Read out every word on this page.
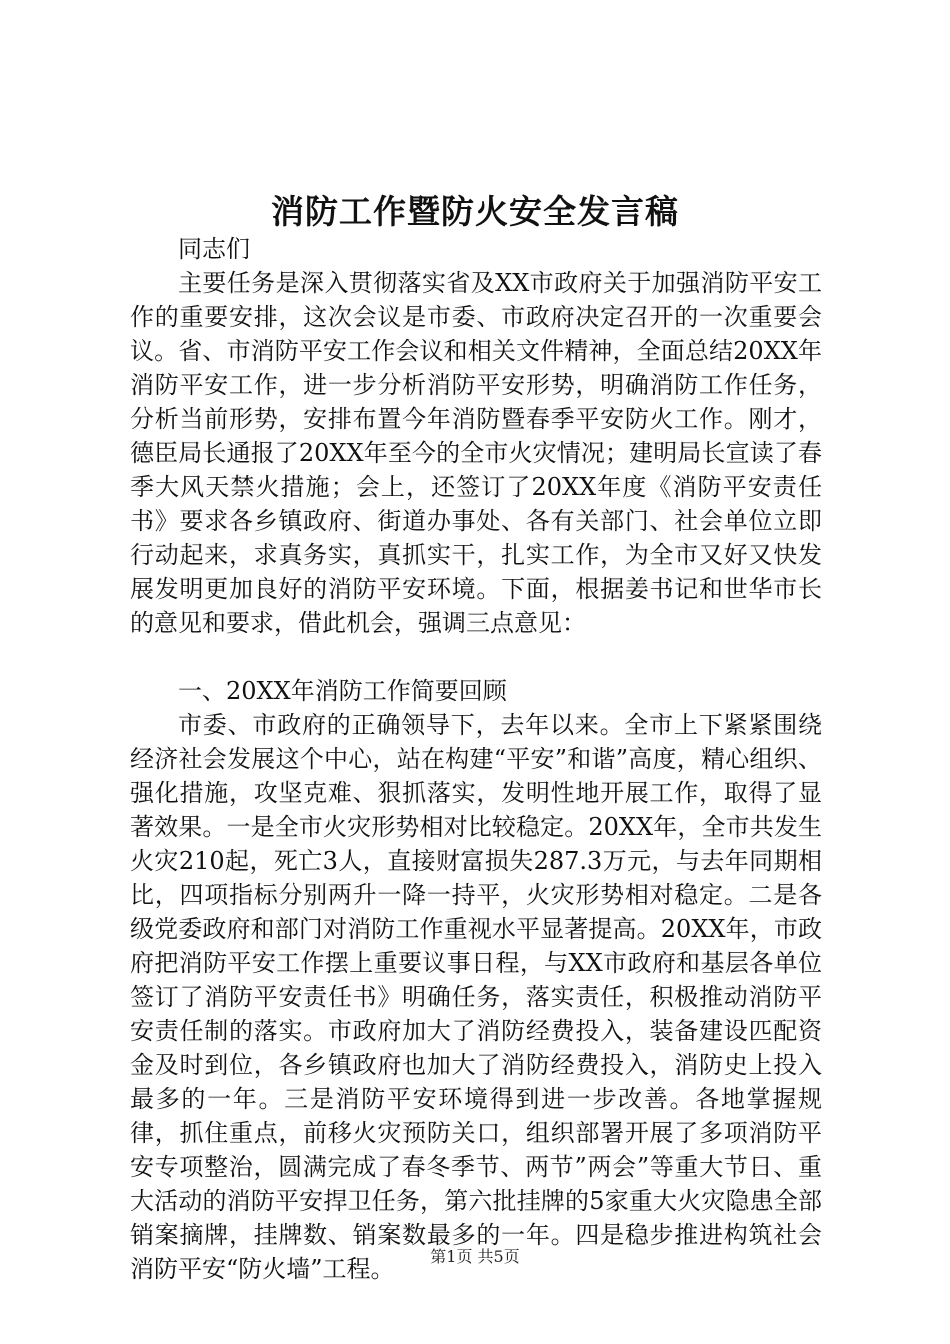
消防工作暨防火安全发言稿

同志们

主要任务是深入贯彻落实省及XX市政府关于加强消防平安工作的重要安排，这次会议是市委、市政府决定召开的一次重要会议。省、市消防平安工作会议和相关文件精神，全面总结20XX年消防平安工作，进一步分析消防平安形势，明确消防工作任务，分析当前形势，安排布置今年消防暨春季平安防火工作。刚才，德臣局长通报了20XX年至今的全市火灾情况；建明局长宣读了春季大风天禁火措施；会上，还签订了20XX年度《消防平安责任书》要求各乡镇政府、街道办事处、各有关部门、社会单位立即行动起来，求真务实，真抓实干，扎实工作，为全市又好又快发展发明更加良好的消防平安环境。下面，根据姜书记和世华市长的意见和要求，借此机会，强调三点意见：

一、20XX年消防工作简要回顾

市委、市政府的正确领导下，去年以来。全市上下紧紧围绕经济社会发展这个中心，站在构建“平安”和谐”高度，精心组织、强化措施，攻坚克难、狠抓落实，发明性地开展工作，取得了显著效果。一是全市火灾形势相对比较稳定。20XX年，全市共发生火灾210起，死亡3人，直接财富损失287.3万元，与去年同期相比，四项指标分别两升一降一持平，火灾形势相对稳定。二是各级党委政府和部门对消防工作重视水平显著提高。20XX年，市政府把消防平安工作摆上重要议事日程，与XX市政府和基层各单位签订了消防平安责任书》明确任务，落实责任，积极推动消防平安责任制的落实。市政府加大了消防经费投入，装备建设匹配资金及时到位，各乡镇政府也加大了消防经费投入，消防史上投入最多的一年。三是消防平安环境得到进一步改善。各地掌握规律，抓住重点，前移火灾预防关口，组织部署开展了多项消防平安专项整治，圆满完成了春冬季节、两节”两会”等重大节日、重大活动的消防平安捍卫任务，第六批挂牌的5家重大火灾隐患全部销案摘牌，挂牌数、销案数最多的一年。四是稳步推进构筑社会消防平安“防火墙”工程。	第1页 共5页
